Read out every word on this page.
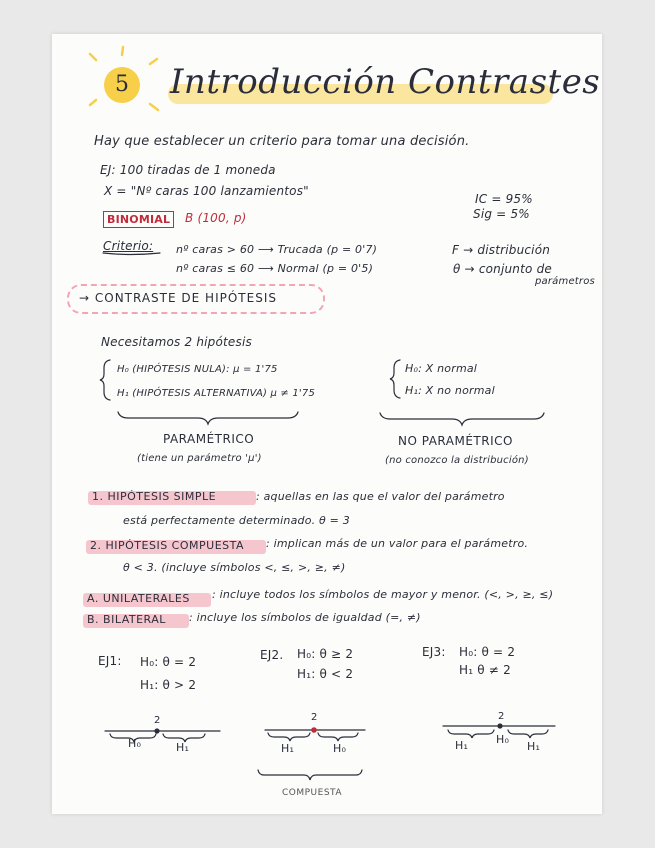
5	Introducción Contrastes
Hay que establecer un criterio para tomar una decisión.
EJ: 100 tiradas de 1 moneda
X = "Nº caras 100 lanzamientos"
BINOMIAL	B (100, p)
IC = 95%
Sig = 5%
Criterio: nº caras > 60 ⟶ Trucada (p = 0'7)
nº caras ≤ 60 ⟶ Normal (p = 0'5)
F → distribución
θ → conjunto de
parámetros
→ CONTRASTE DE HIPÓTESIS
Necesitamos 2 hipótesis
H₀ (HIPÓTESIS NULA): μ = 1'75
H₁ (HIPÓTESIS ALTERNATIVA) μ ≠ 1'75
H₀: X normal
H₁: X no normal
PARAMÉTRICO
(tiene un parámetro 'μ')
NO PARAMÉTRICO
(no conozco la distribución)
1. HIPÓTESIS SIMPLE	: aquellas en las que el valor del parámetro
está perfectamente determinado. θ = 3
2. HIPÓTESIS COMPUESTA : implican más de un valor para el parámetro.
θ < 3. (incluye símbolos <, ≤, >, ≥, ≠)
A. UNILATERALES : incluye todos los símbolos de mayor y menor. (<, >, ≥, ≤)
B. BILATERAL : incluye los símbolos de igualdad (=, ≠)
EJ1: H₀: θ = 2
H₁: θ > 2
EJ2. H₀: θ ≥ 2
H₁: θ < 2
EJ3: H₀: θ = 2
H₁ θ ≠ 2
2
H₀	H₁
2
H₁	H₀
2
H₁	H₀
H₁
COMPUESTA
